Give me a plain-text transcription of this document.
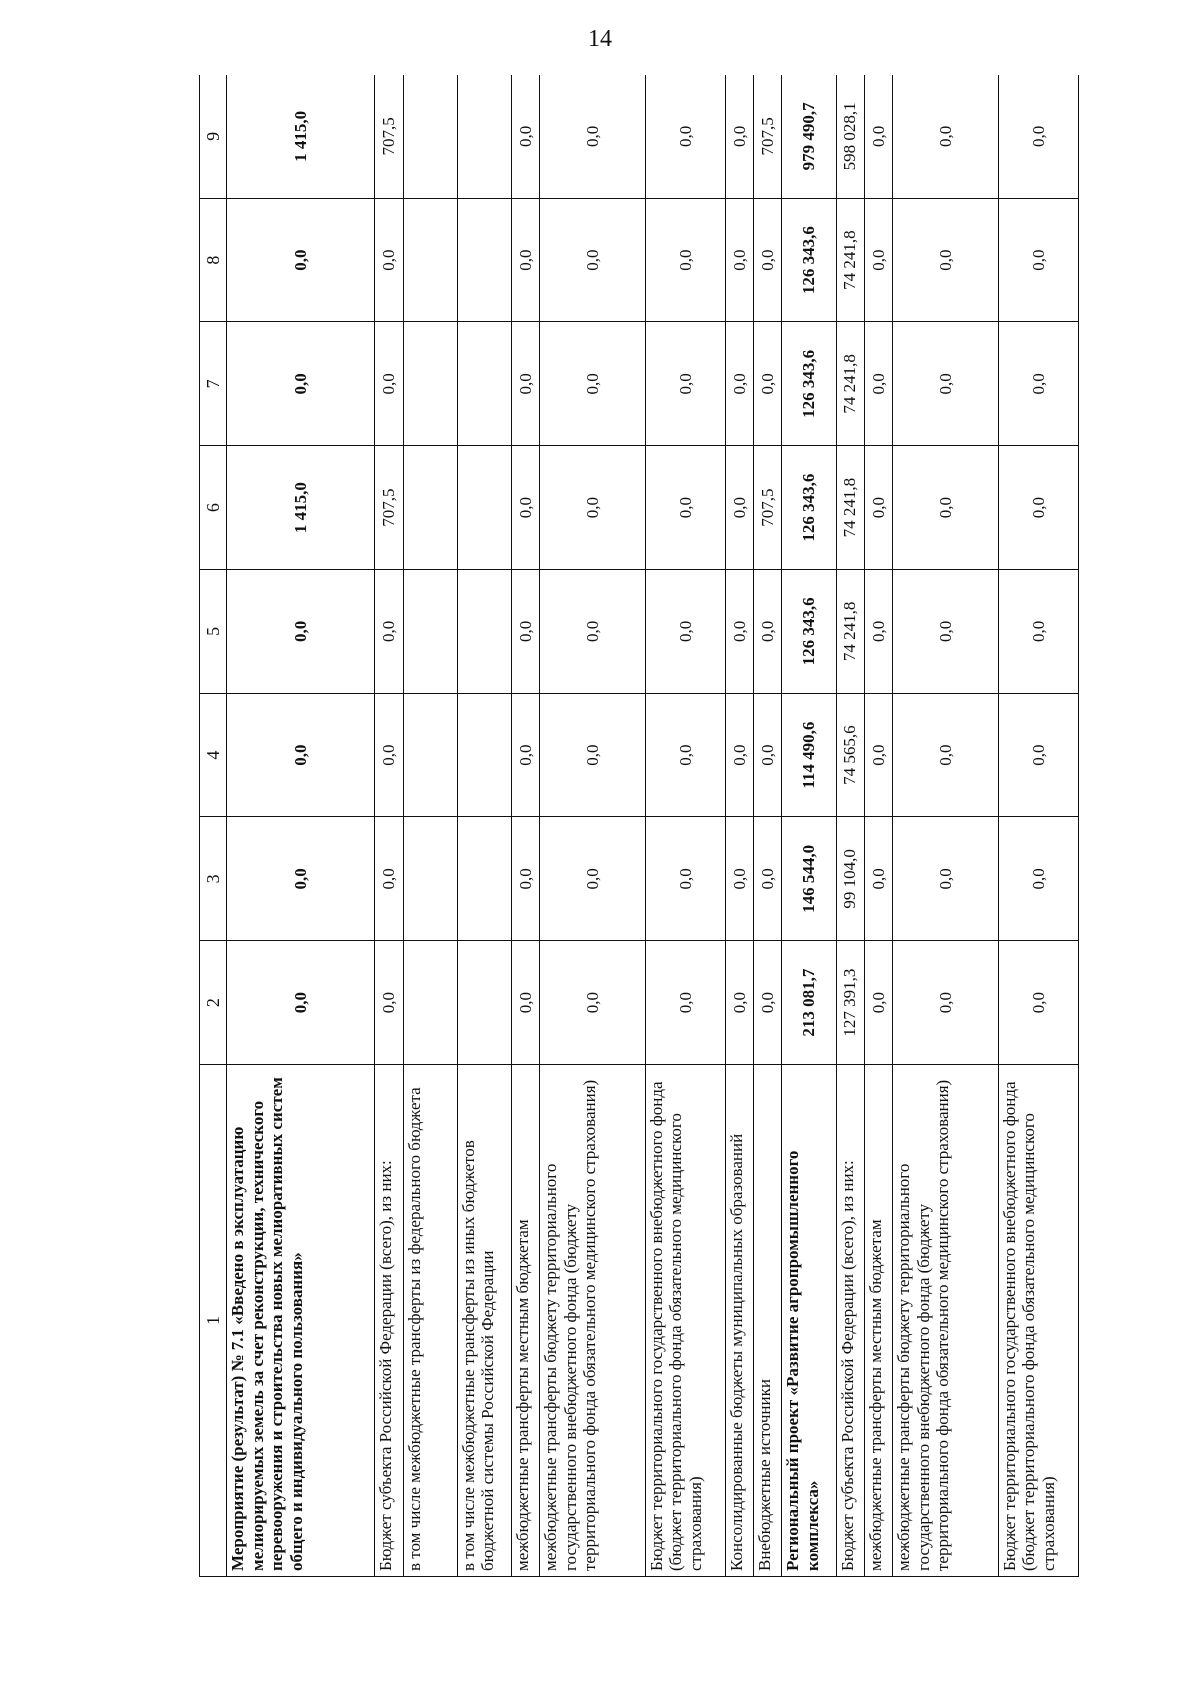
14
1	2	3	4	5	6	7	8	9
Мероприятие (результат) № 7.1 «Введено в эксплуатацию мелиорируемых земель за счет реконструкции, технического перевооружения и строительства новых мелиоративных систем общего и индивидуального пользования»	0,0	0,0	0,0	0,0	1 415,0	0,0	0,0	1 415,0
Бюджет субъекта Российской Федерации (всего), из них:	0,0	0,0	0,0	0,0	707,5	0,0	0,0	707,5
в том числе межбюджетные трансферты из федерального бюджета								
в том числе межбюджетные трансферты из иных бюджетов бюджетной системы Российской Федерации								
межбюджетные трансферты местным бюджетам	0,0	0,0	0,0	0,0	0,0	0,0	0,0	0,0
межбюджетные трансферты бюджету территориального государственного внебюджетного фонда (бюджету территориального фонда обязательного медицинского страхования)	0,0	0,0	0,0	0,0	0,0	0,0	0,0	0,0
Бюджет территориального государственного внебюджетного фонда (бюджет территориального фонда обязательного медицинского страхования)	0,0	0,0	0,0	0,0	0,0	0,0	0,0	0,0
Консолидированные бюджеты муниципальных образований	0,0	0,0	0,0	0,0	0,0	0,0	0,0	0,0
Внебюджетные источники	0,0	0,0	0,0	0,0	707,5	0,0	0,0	707,5
Региональный проект «Развитие агропромышленного комплекса»	213 081,7	146 544,0	114 490,6	126 343,6	126 343,6	126 343,6	126 343,6	979 490,7
Бюджет субъекта Российской Федерации (всего), из них:	127 391,3	99 104,0	74 565,6	74 241,8	74 241,8	74 241,8	74 241,8	598 028,1
межбюджетные трансферты местным бюджетам	0,0	0,0	0,0	0,0	0,0	0,0	0,0	0,0
межбюджетные трансферты бюджету территориального государственного внебюджетного фонда (бюджету территориального фонда обязательного медицинского страхования)	0,0	0,0	0,0	0,0	0,0	0,0	0,0	0,0
Бюджет территориального государственного внебюджетного фонда (бюджет территориального фонда обязательного медицинского страхования)	0,0	0,0	0,0	0,0	0,0	0,0	0,0	0,0
